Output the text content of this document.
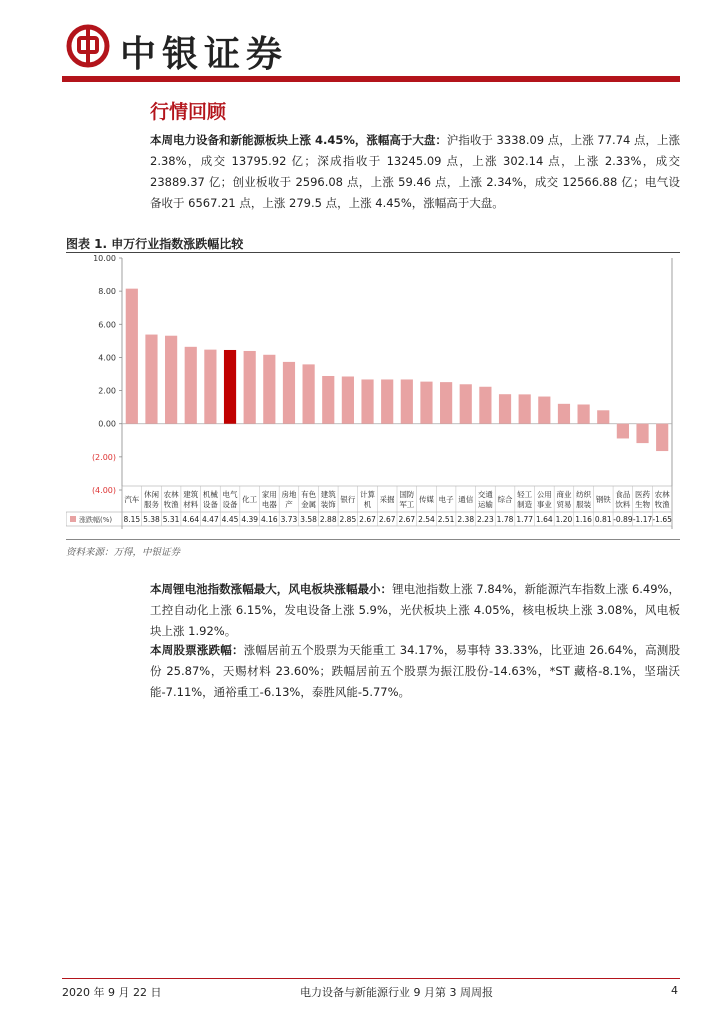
中银证券
行情回顾

本周电力设备和新能源板块上涨 4.45%，涨幅高于大盘：沪指收于 3338.09 点，上涨 77.74 点，上涨 2.38%，成交 13795.92 亿；深成指收于 13245.09 点，上涨 302.14 点，上涨 2.33%，成交 23889.37 亿；创业板收于 2596.08 点，上涨 59.46 点，上涨 2.34%，成交 12566.88 亿；电气设备收于 6567.21 点，上涨 279.5 点，上涨 4.45%，涨幅高于大盘。

图表 1. 申万行业指数涨跌幅比较
10.00
8.00
6.00
4.00
2.00
0.00
(2.00)
(4.00)
汽车
休闲
服务
农林
牧渔
建筑
材料
机械
设备
电气
设备
化工
家用
电器
房地
产
有色
金属
建筑
装饰
银行
计算
机
采掘
国防
军工
传媒 电子 通信
交通
运输
综合
轻工
制造
公用
事业
商业
贸易
纺织
服装
钢铁
食品
饮料
医药
生物
农林
牧渔
涨跌幅(%) 8.15 5.38 5.31 4.64 4.47 4.45 4.39 4.16 3.73 3.58 2.88 2.85 2.67 2.67 2.67 2.54 2.51 2.38 2.23 1.78 1.77 1.64 1.20 1.16 0.81 -0.89 -1.17 -1.65
资料来源：万得，中银证券

本周锂电池指数涨幅最大，风电板块涨幅最小：锂电池指数上涨 7.84%，新能源汽车指数上涨 6.49%，工控自动化上涨 6.15%，发电设备上涨 5.9%，光伏板块上涨 4.05%，核电板块上涨 3.08%，风电板块上涨 1.92%。

本周股票涨跌幅：涨幅居前五个股票为天能重工 34.17%，易事特 33.33%，比亚迪 26.64%，高测股份 25.87%，天赐材料 23.60%；跌幅居前五个股票为振江股份-14.63%，*ST 藏格-8.1%，坚瑞沃能-7.11%，通裕重工-6.13%，泰胜风能-5.77%。

2020 年 9 月 22 日	电力设备与新能源行业 9 月第 3 周周报	4
